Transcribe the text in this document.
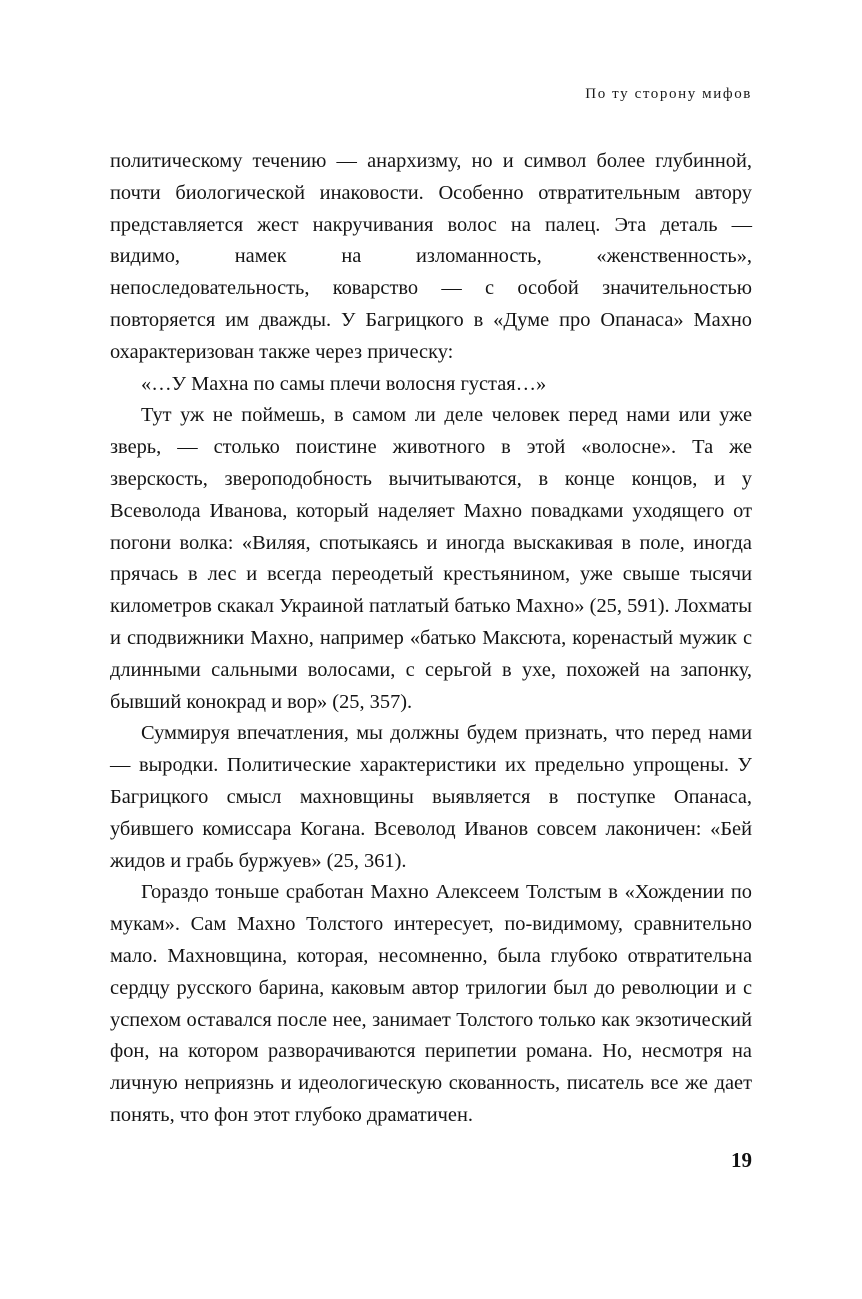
По ту сторону мифов

политическому течению — анархизму, но и символ более глубинной, почти биологической инаковости. Особенно отвратительным автору представляется жест накручивания волос на палец. Эта деталь — видимо, намек на изломанность, «женственность», непоследовательность, коварство — с особой значительностью повторяется им дважды. У Багрицкого в «Думе про Опанаса» Махно охарактеризован также через прическу:

«…У Махна по самы плечи волосня густая…»

Тут уж не поймешь, в самом ли деле человек перед нами или уже зверь, — столько поистине животного в этой «волосне». Та же зверскость, звероподобность вычитываются, в конце концов, и у Всеволода Иванова, который наделяет Махно повадками уходящего от погони волка: «Виляя, спотыкаясь и иногда выскакивая в поле, иногда прячась в лес и всегда переодетый крестьянином, уже свыше тысячи километров скакал Украиной патлатый батько Махно» (25, 591). Лохматы и сподвижники Махно, например «батько Максюта, коренастый мужик с длинными сальными волосами, с серьгой в ухе, похожей на запонку, бывший конокрад и вор» (25, 357).

Суммируя впечатления, мы должны будем признать, что перед нами — выродки. Политические характеристики их предельно упрощены. У Багрицкого смысл махновщины выявляется в поступке Опанаса, убившего комиссара Когана. Всеволод Иванов совсем лаконичен: «Бей жидов и грабь буржуев» (25, 361).

Гораздо тоньше сработан Махно Алексеем Толстым в «Хождении по мукам». Сам Махно Толстого интересует, по-видимому, сравнительно мало. Махновщина, которая, несомненно, была глубоко отвратительна сердцу русского барина, каковым автор трилогии был до революции и с успехом оставался после нее, занимает Толстого только как экзотический фон, на котором разворачиваются перипетии романа. Но, несмотря на личную неприязнь и идеологическую скованность, писатель все же дает понять, что фон этот глубоко драматичен.

19
